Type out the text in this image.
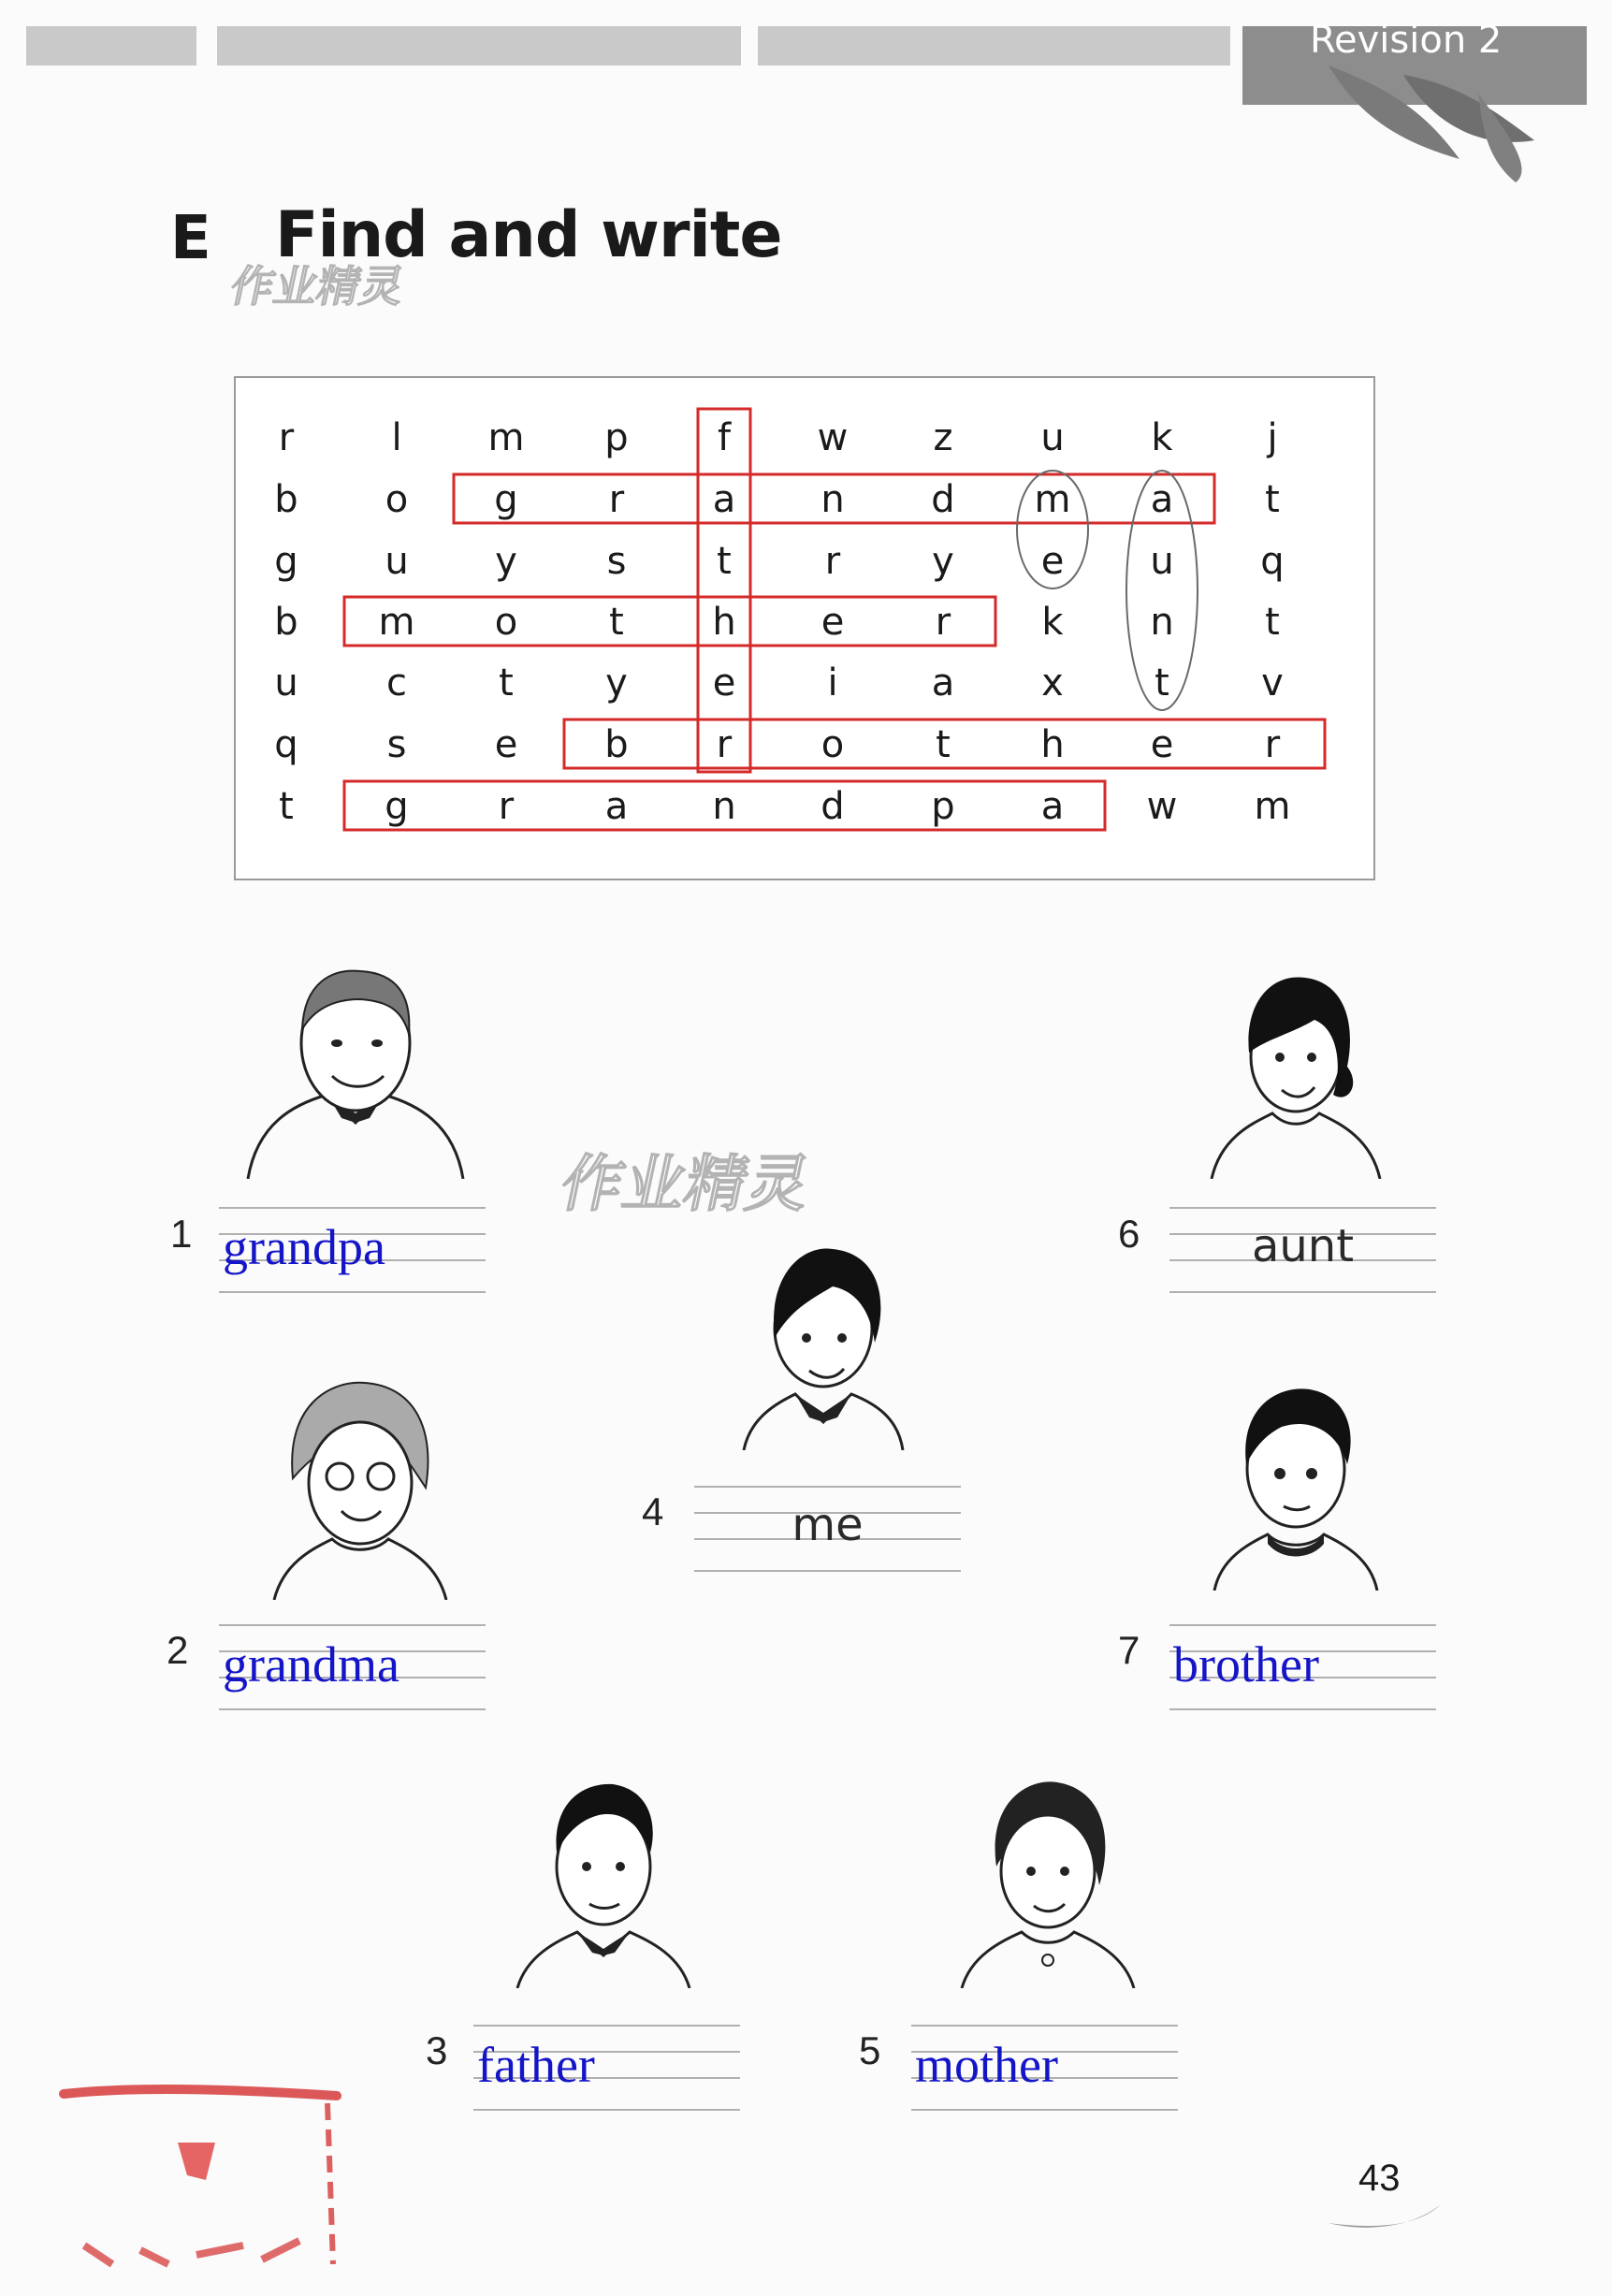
Revision 2
E Find and write
作业精灵
r	l m p f w z u k	j
b o g r a n d m a t
g u y s t r y e u q
b m o t h e r k n t
u c t y e i	a x t v
q s e b r o t h e r
t g r a n d p a w m
作业精灵
1 grandpa	6	aunt
4	me
2 grandma	7 brother
3 father	5 mother
43
